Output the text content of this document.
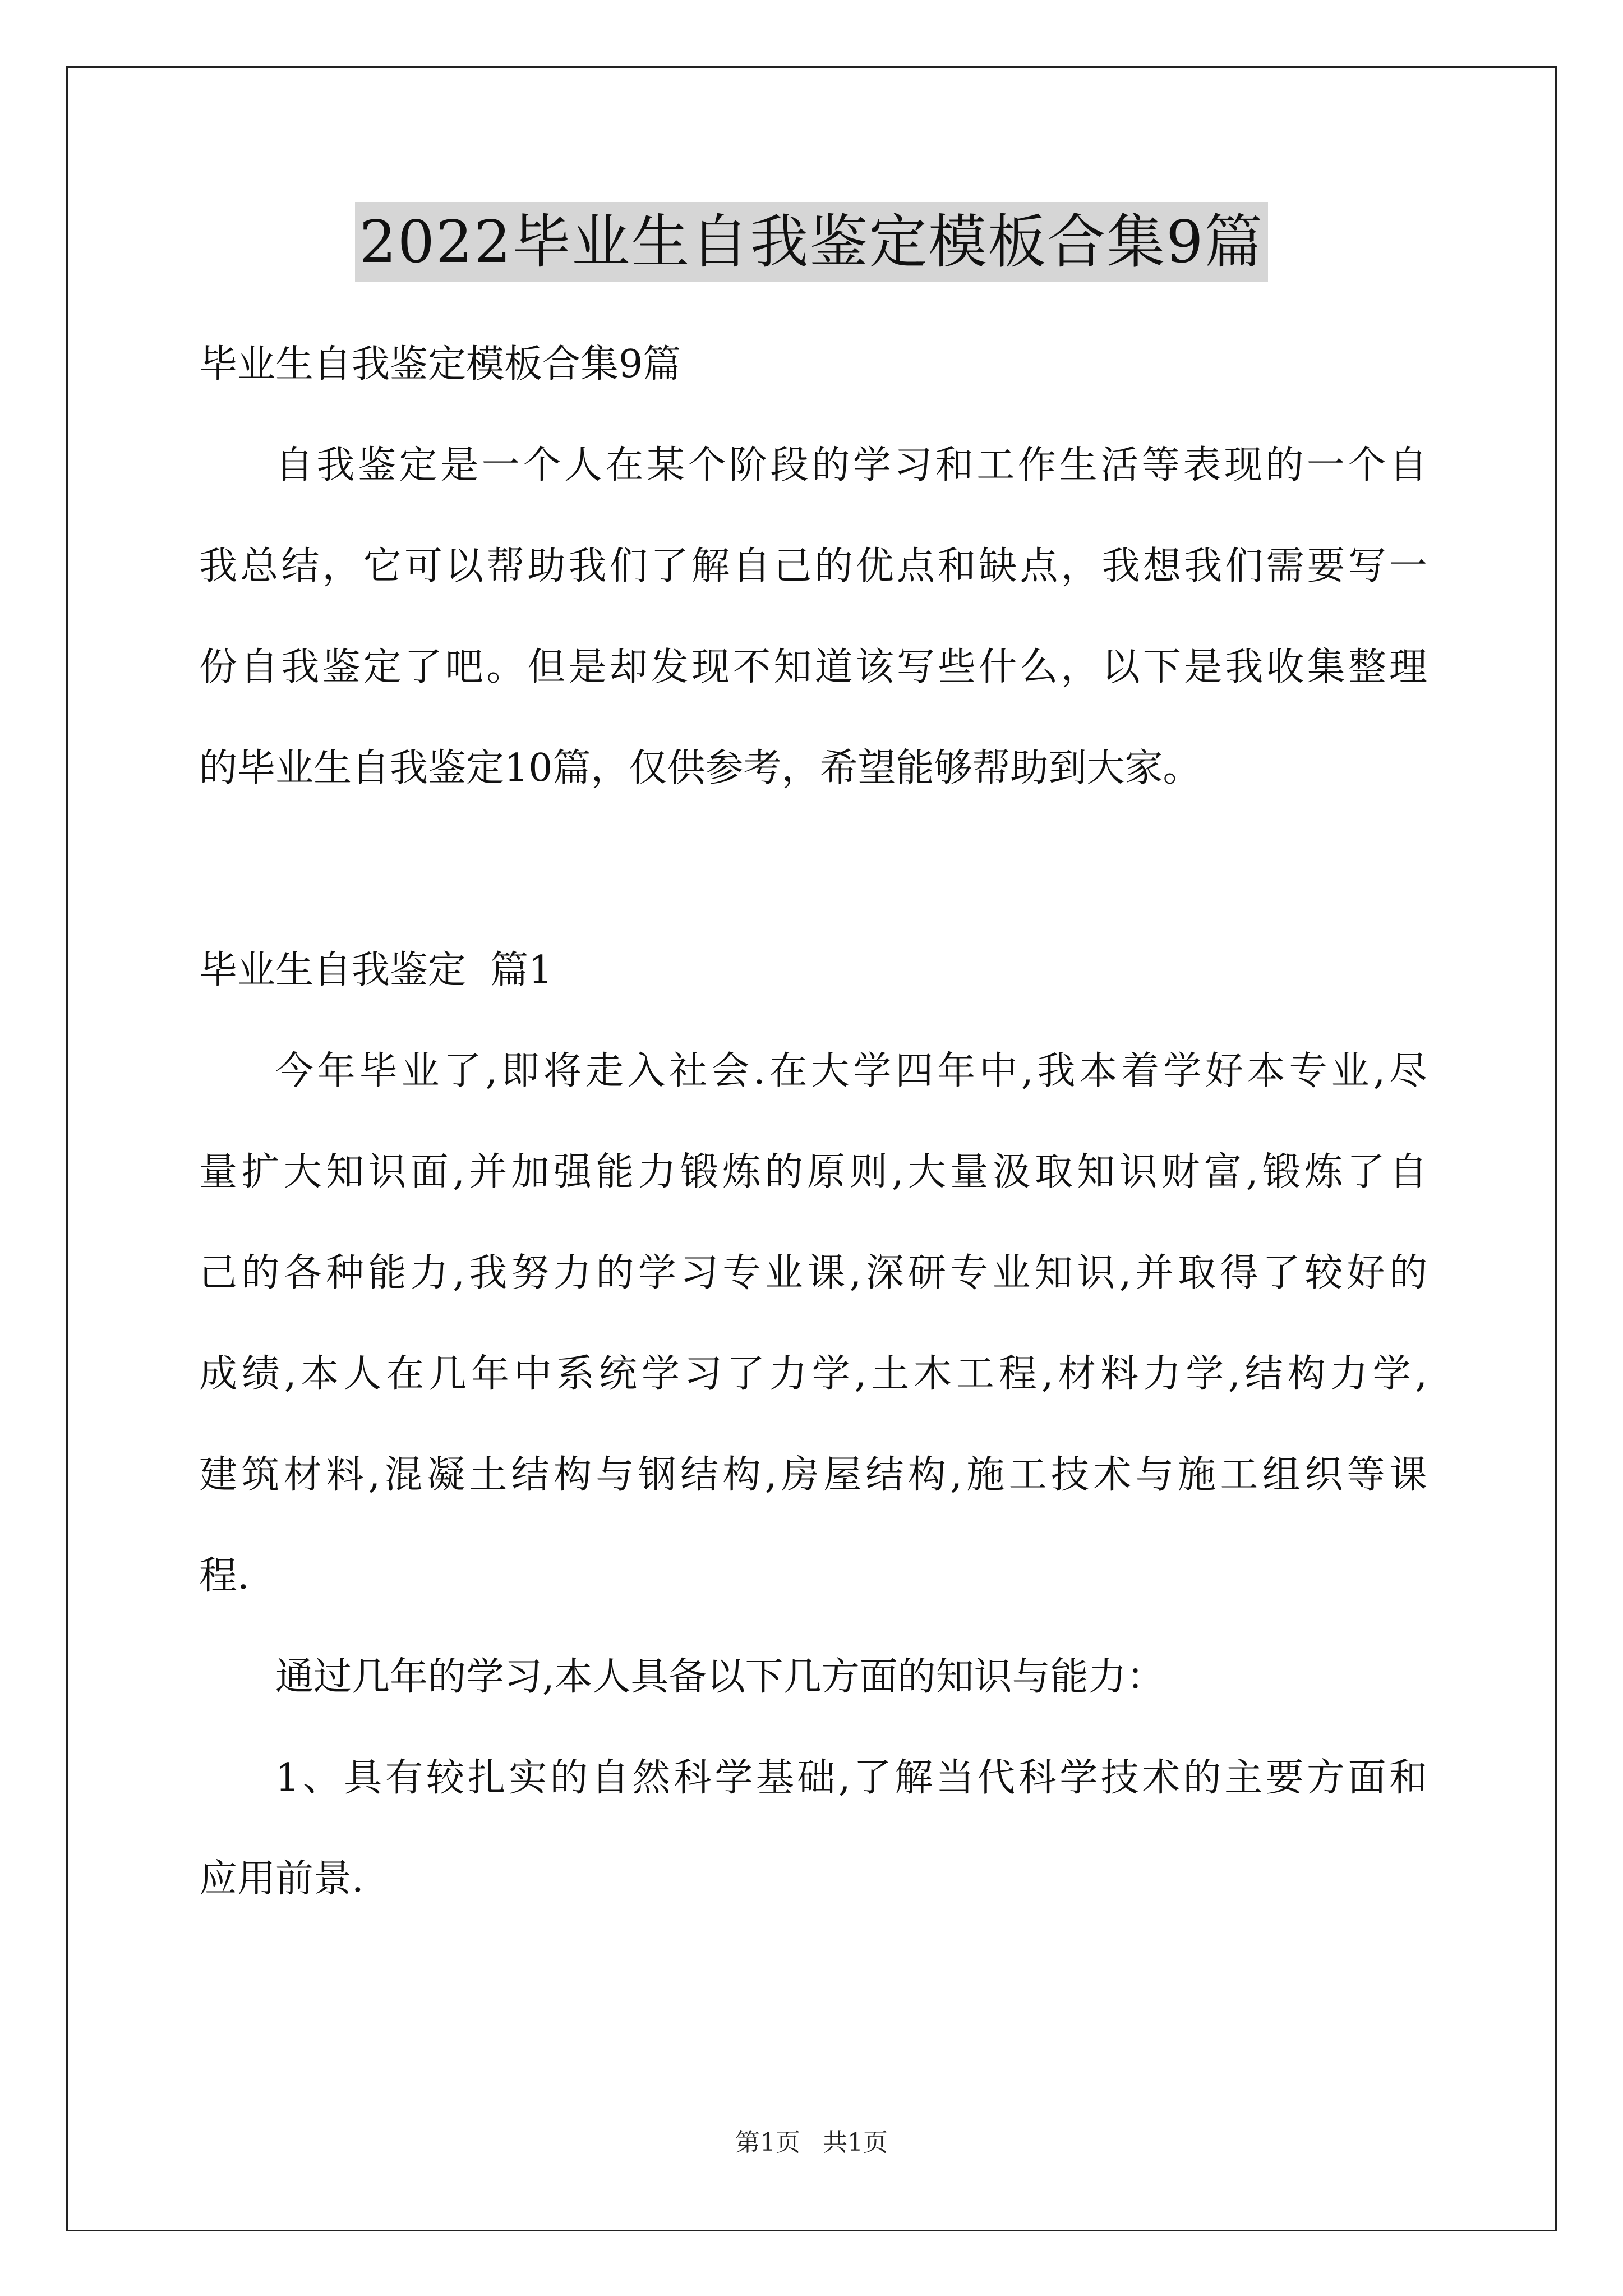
2022毕业生自我鉴定模板合集9篇
毕业生自我鉴定模板合集9篇
自我鉴定是一个人在某个阶段的学习和工作生活等表现的一个自
我总结，它可以帮助我们了解自己的优点和缺点，我想我们需要写一
份自我鉴定了吧。但是却发现不知道该写些什么，以下是我收集整理
的毕业生自我鉴定10篇，仅供参考，希望能够帮助到大家。
毕业生自我鉴定  篇1
今年毕业了,即将走入社会.在大学四年中,我本着学好本专业,尽
量扩大知识面,并加强能力锻炼的原则,大量汲取知识财富,锻炼了自
己的各种能力,我努力的学习专业课,深研专业知识,并取得了较好的
成绩,本人在几年中系统学习了力学,土木工程,材料力学,结构力学,
建筑材料,混凝土结构与钢结构,房屋结构,施工技术与施工组织等课
程.
通过几年的学习,本人具备以下几方面的知识与能力：
1、具有较扎实的自然科学基础,了解当代科学技术的主要方面和
应用前景.
第1页 共1页
